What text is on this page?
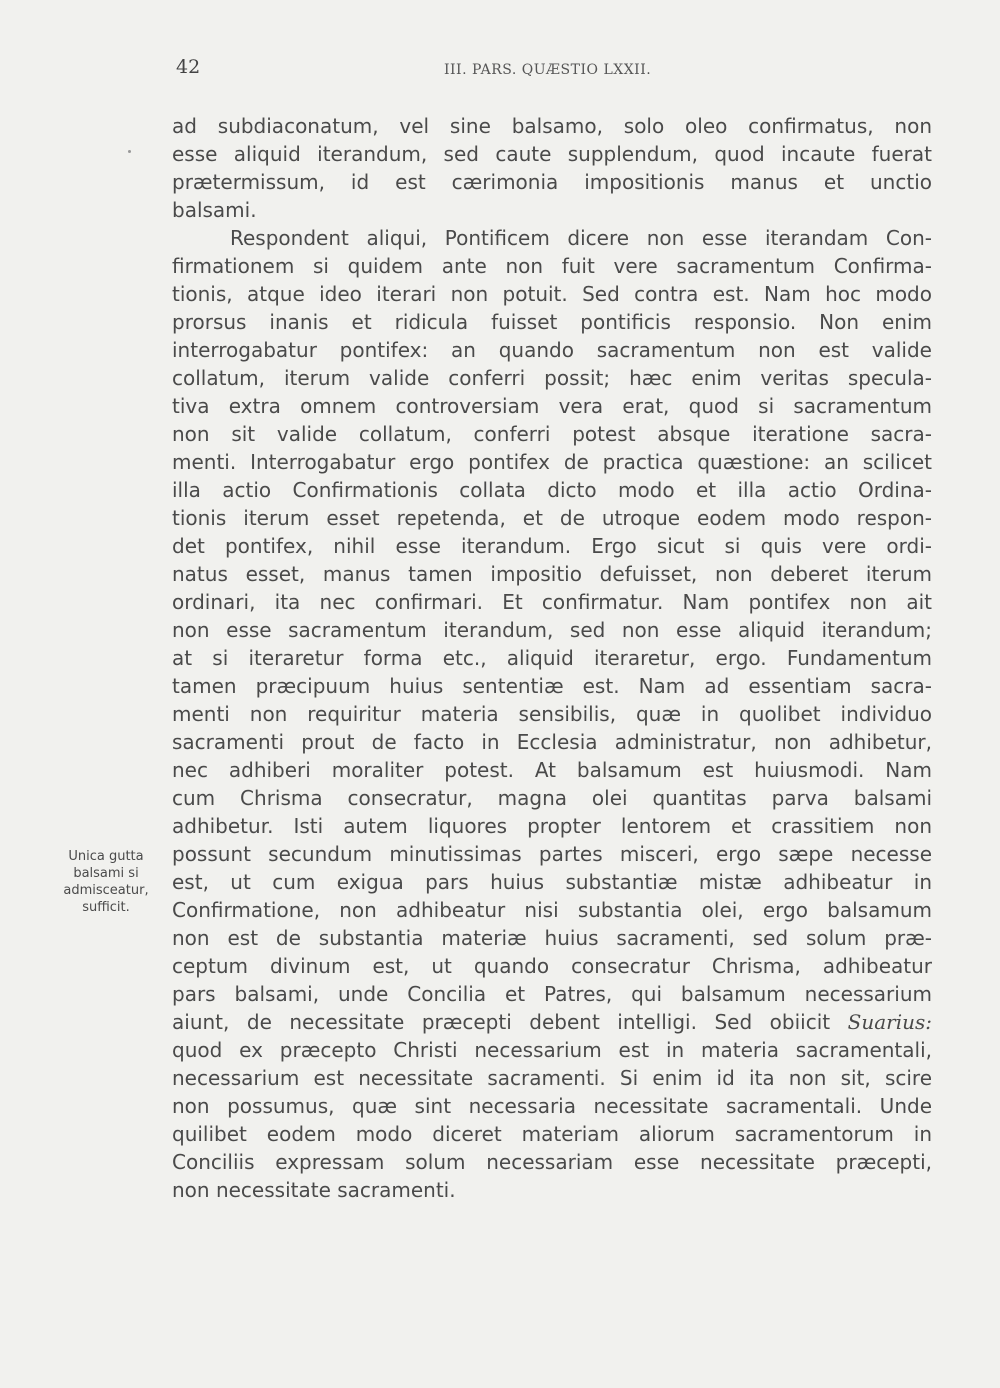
42	III. PARS. QUÆSTIO LXXII.
Unica gutta
balsami si
admisceatur,
sufficit.
ad subdiaconatum, vel sine balsamo, solo oleo confirmatus, non
esse aliquid iterandum, sed caute supplendum, quod incaute fuerat
prætermissum, id est cærimonia impositionis manus et unctio
balsami.
Respondent aliqui, Pontificem dicere non esse iterandam Con-
firmationem si quidem ante non fuit vere sacramentum Confirma-
tionis, atque ideo iterari non potuit. Sed contra est. Nam hoc modo
prorsus inanis et ridicula fuisset pontificis responsio. Non enim
interrogabatur pontifex: an quando sacramentum non est valide
collatum, iterum valide conferri possit; hæc enim veritas specula-
tiva extra omnem controversiam vera erat, quod si sacramentum
non sit valide collatum, conferri potest absque iteratione sacra-
menti. Interrogabatur ergo pontifex de practica quæstione: an scilicet
illa actio Confirmationis collata dicto modo et illa actio Ordina-
tionis iterum esset repetenda, et de utroque eodem modo respon-
det pontifex, nihil esse iterandum. Ergo sicut si quis vere ordi-
natus esset, manus tamen impositio defuisset, non deberet iterum
ordinari, ita nec confirmari. Et confirmatur. Nam pontifex non ait
non esse sacramentum iterandum, sed non esse aliquid iterandum;
at si iteraretur forma etc., aliquid iteraretur, ergo. Fundamentum
tamen præcipuum huius sententiæ est. Nam ad essentiam sacra-
menti non requiritur materia sensibilis, quæ in quolibet individuo
sacramenti prout de facto in Ecclesia administratur, non adhibetur,
nec adhiberi moraliter potest. At balsamum est huiusmodi. Nam
cum Chrisma consecratur, magna olei quantitas parva balsami
adhibetur. Isti autem liquores propter lentorem et crassitiem non
possunt secundum minutissimas partes misceri, ergo sæpe necesse
est, ut cum exigua pars huius substantiæ mistæ adhibeatur in
Confirmatione, non adhibeatur nisi substantia olei, ergo balsamum
non est de substantia materiæ huius sacramenti, sed solum præ-
ceptum divinum est, ut quando consecratur Chrisma, adhibeatur
pars balsami, unde Concilia et Patres, qui balsamum necessarium
aiunt, de necessitate præcepti debent intelligi. Sed obiicit Suarius:
quod ex præcepto Christi necessarium est in materia sacramentali,
necessarium est necessitate sacramenti. Si enim id ita non sit, scire
non possumus, quæ sint necessaria necessitate sacramentali. Unde
quilibet eodem modo diceret materiam aliorum sacramentorum in
Conciliis expressam solum necessariam esse necessitate præcepti,
non necessitate sacramenti.
